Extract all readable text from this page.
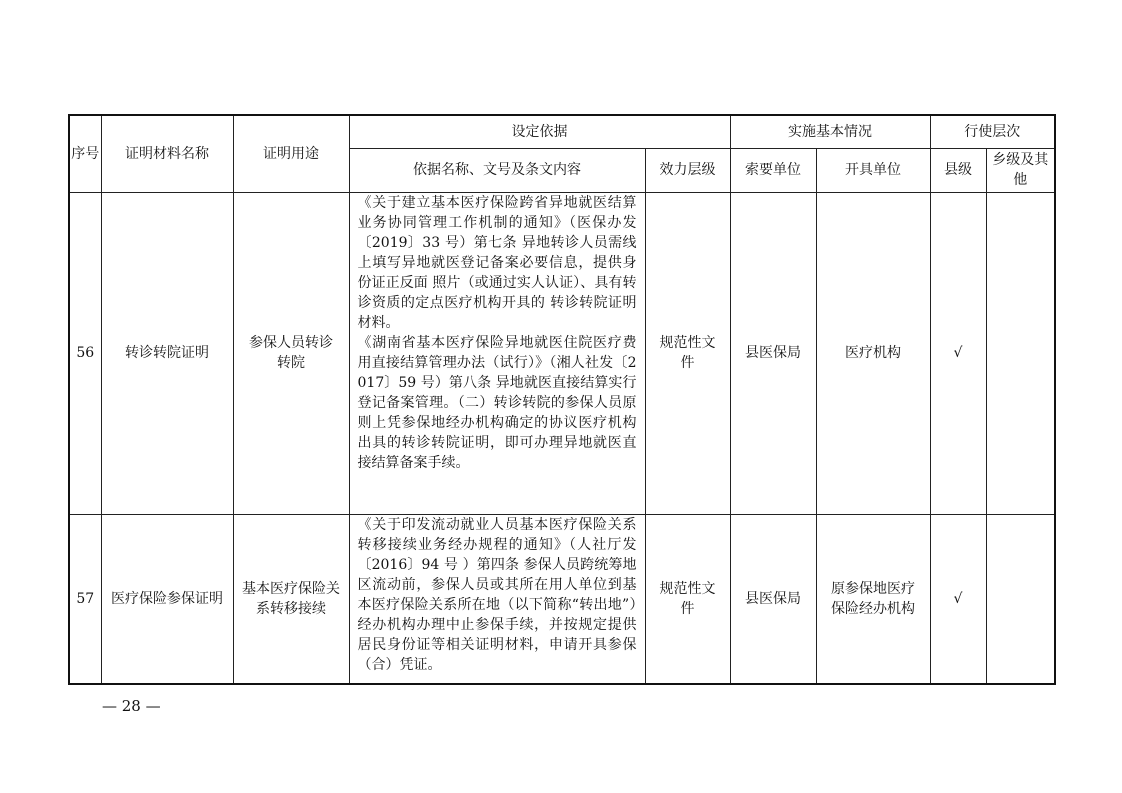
序号	证明材料名称	证明用途	设定依据		实施基本情况		行使层次	
			依据名称、文号及条文内容	效力层级	索要单位	开具单位	县级	乡级及其他
56	转诊转院证明	参保人员转诊转院	《关于建立基本医疗保险跨省异地就医结算业务协同管理工作机制的通知》（医保办发〔2019〕33 号）第七条 异地转诊人员需线上填写异地就医登记备案必要信息，提供身份证正反面 照片（或通过实人认证）、具有转诊资质的定点医疗机构开具的 转诊转院证明材料。

《湖南省基本医疗保险异地就医住院医疗费用直接结算管理办法（试行）》（湘人社发〔2017〕59 号）第八条 异地就医直接结算实行登记备案管理。（二）转诊转院的参保人员原则上凭参保地经办机构确定的协议医疗机构出具的转诊转院证明，即可办理异地就医直接结算备案手续。	规范性文件	县医保局	医疗机构	√	
57	医疗保险参保证明	基本医疗保险关系转移接续	《关于印发流动就业人员基本医疗保险关系转移接续业务经办规程的通知》（人社厅发〔2016〕94 号 ）第四条 参保人员跨统筹地区流动前，参保人员或其所在用人单位到基本医疗保险关系所在地（以下简称“转出地”）经办机构办理中止参保手续，并按规定提供居民身份证等相关证明材料，申请开具参保（合）凭证。	规范性文件	县医保局	原参保地医疗保险经办机构	√	
— 28 —
